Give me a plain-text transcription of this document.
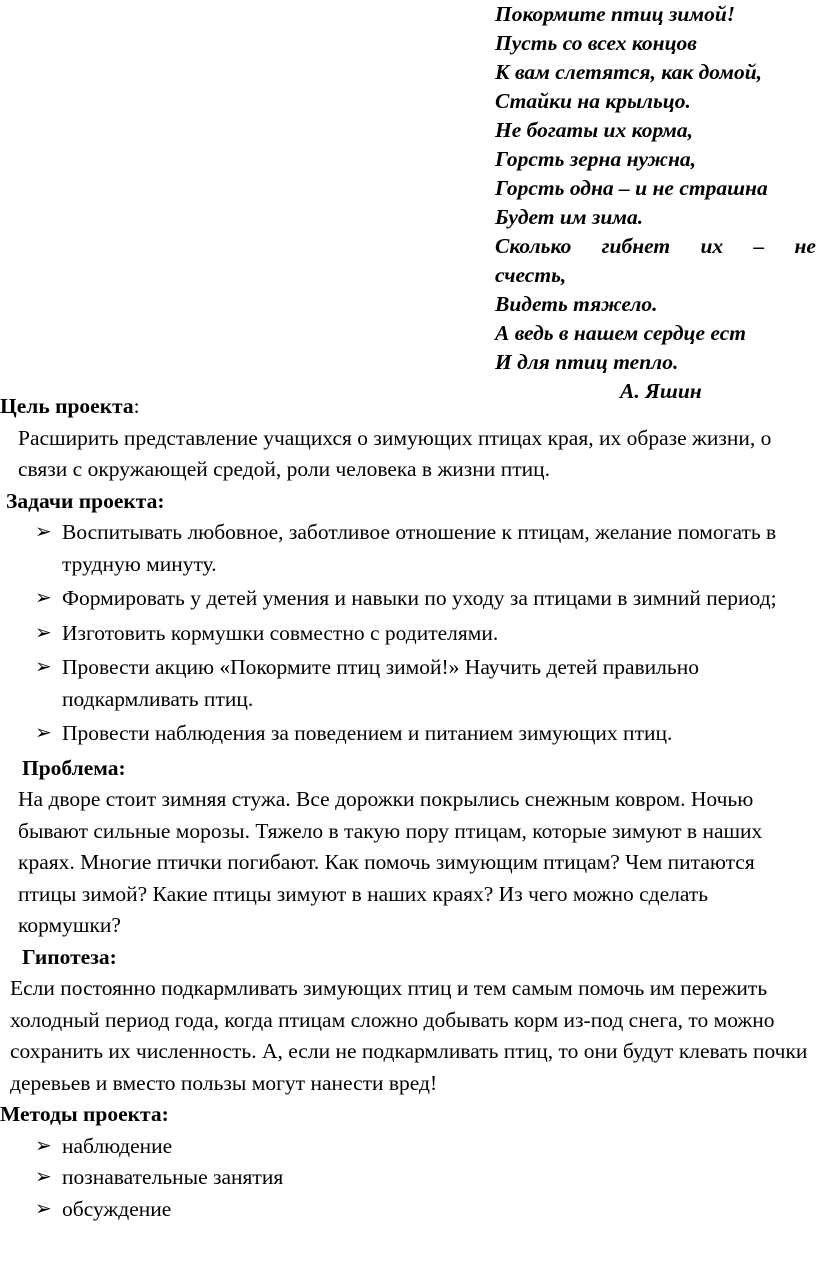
Покормите птиц зимой!
Пусть со всех концов
К вам слетятся, как домой,
Стайки на крыльцо.
Не богаты их корма,
Горсть зерна нужна,
Горсть одна – и не страшна
Будет им зима.
Сколько гибнет их – не
счесть,
Видеть тяжело.
А ведь в нашем сердце ест
И для птиц тепло.
А. Яшин
Цель проекта:
Расширить представление учащихся о зимующих птицах края, их образе жизни, о связи с окружающей средой, роли человека в жизни птиц.
Задачи проекта:
➢ Воспитывать любовное, заботливое отношение к птицам, желание помогать в трудную минуту.
➢ Формировать у детей умения и навыки по уходу за птицами в зимний период;
➢ Изготовить кормушки совместно с родителями.
➢ Провести акцию «Покормите птиц зимой!» Научить детей правильно подкармливать птиц.
➢ Провести наблюдения за поведением и питанием зимующих птиц.
Проблема:
На дворе стоит зимняя стужа. Все дорожки покрылись снежным ковром. Ночью бывают сильные морозы. Тяжело в такую пору птицам, которые зимуют в наших краях. Многие птички погибают. Как помочь зимующим птицам? Чем питаются птицы зимой? Какие птицы зимуют в наших краях? Из чего можно сделать кормушки?
Гипотеза:
Если постоянно подкармливать зимующих птиц и тем самым помочь им пережить холодный период года, когда птицам сложно добывать корм из-под снега, то можно сохранить их численность. А, если не подкармливать птиц, то они будут клевать почки деревьев и вместо пользы могут нанести вред!
Методы проекта:
➢ наблюдение
➢ познавательные занятия
➢ обсуждение
